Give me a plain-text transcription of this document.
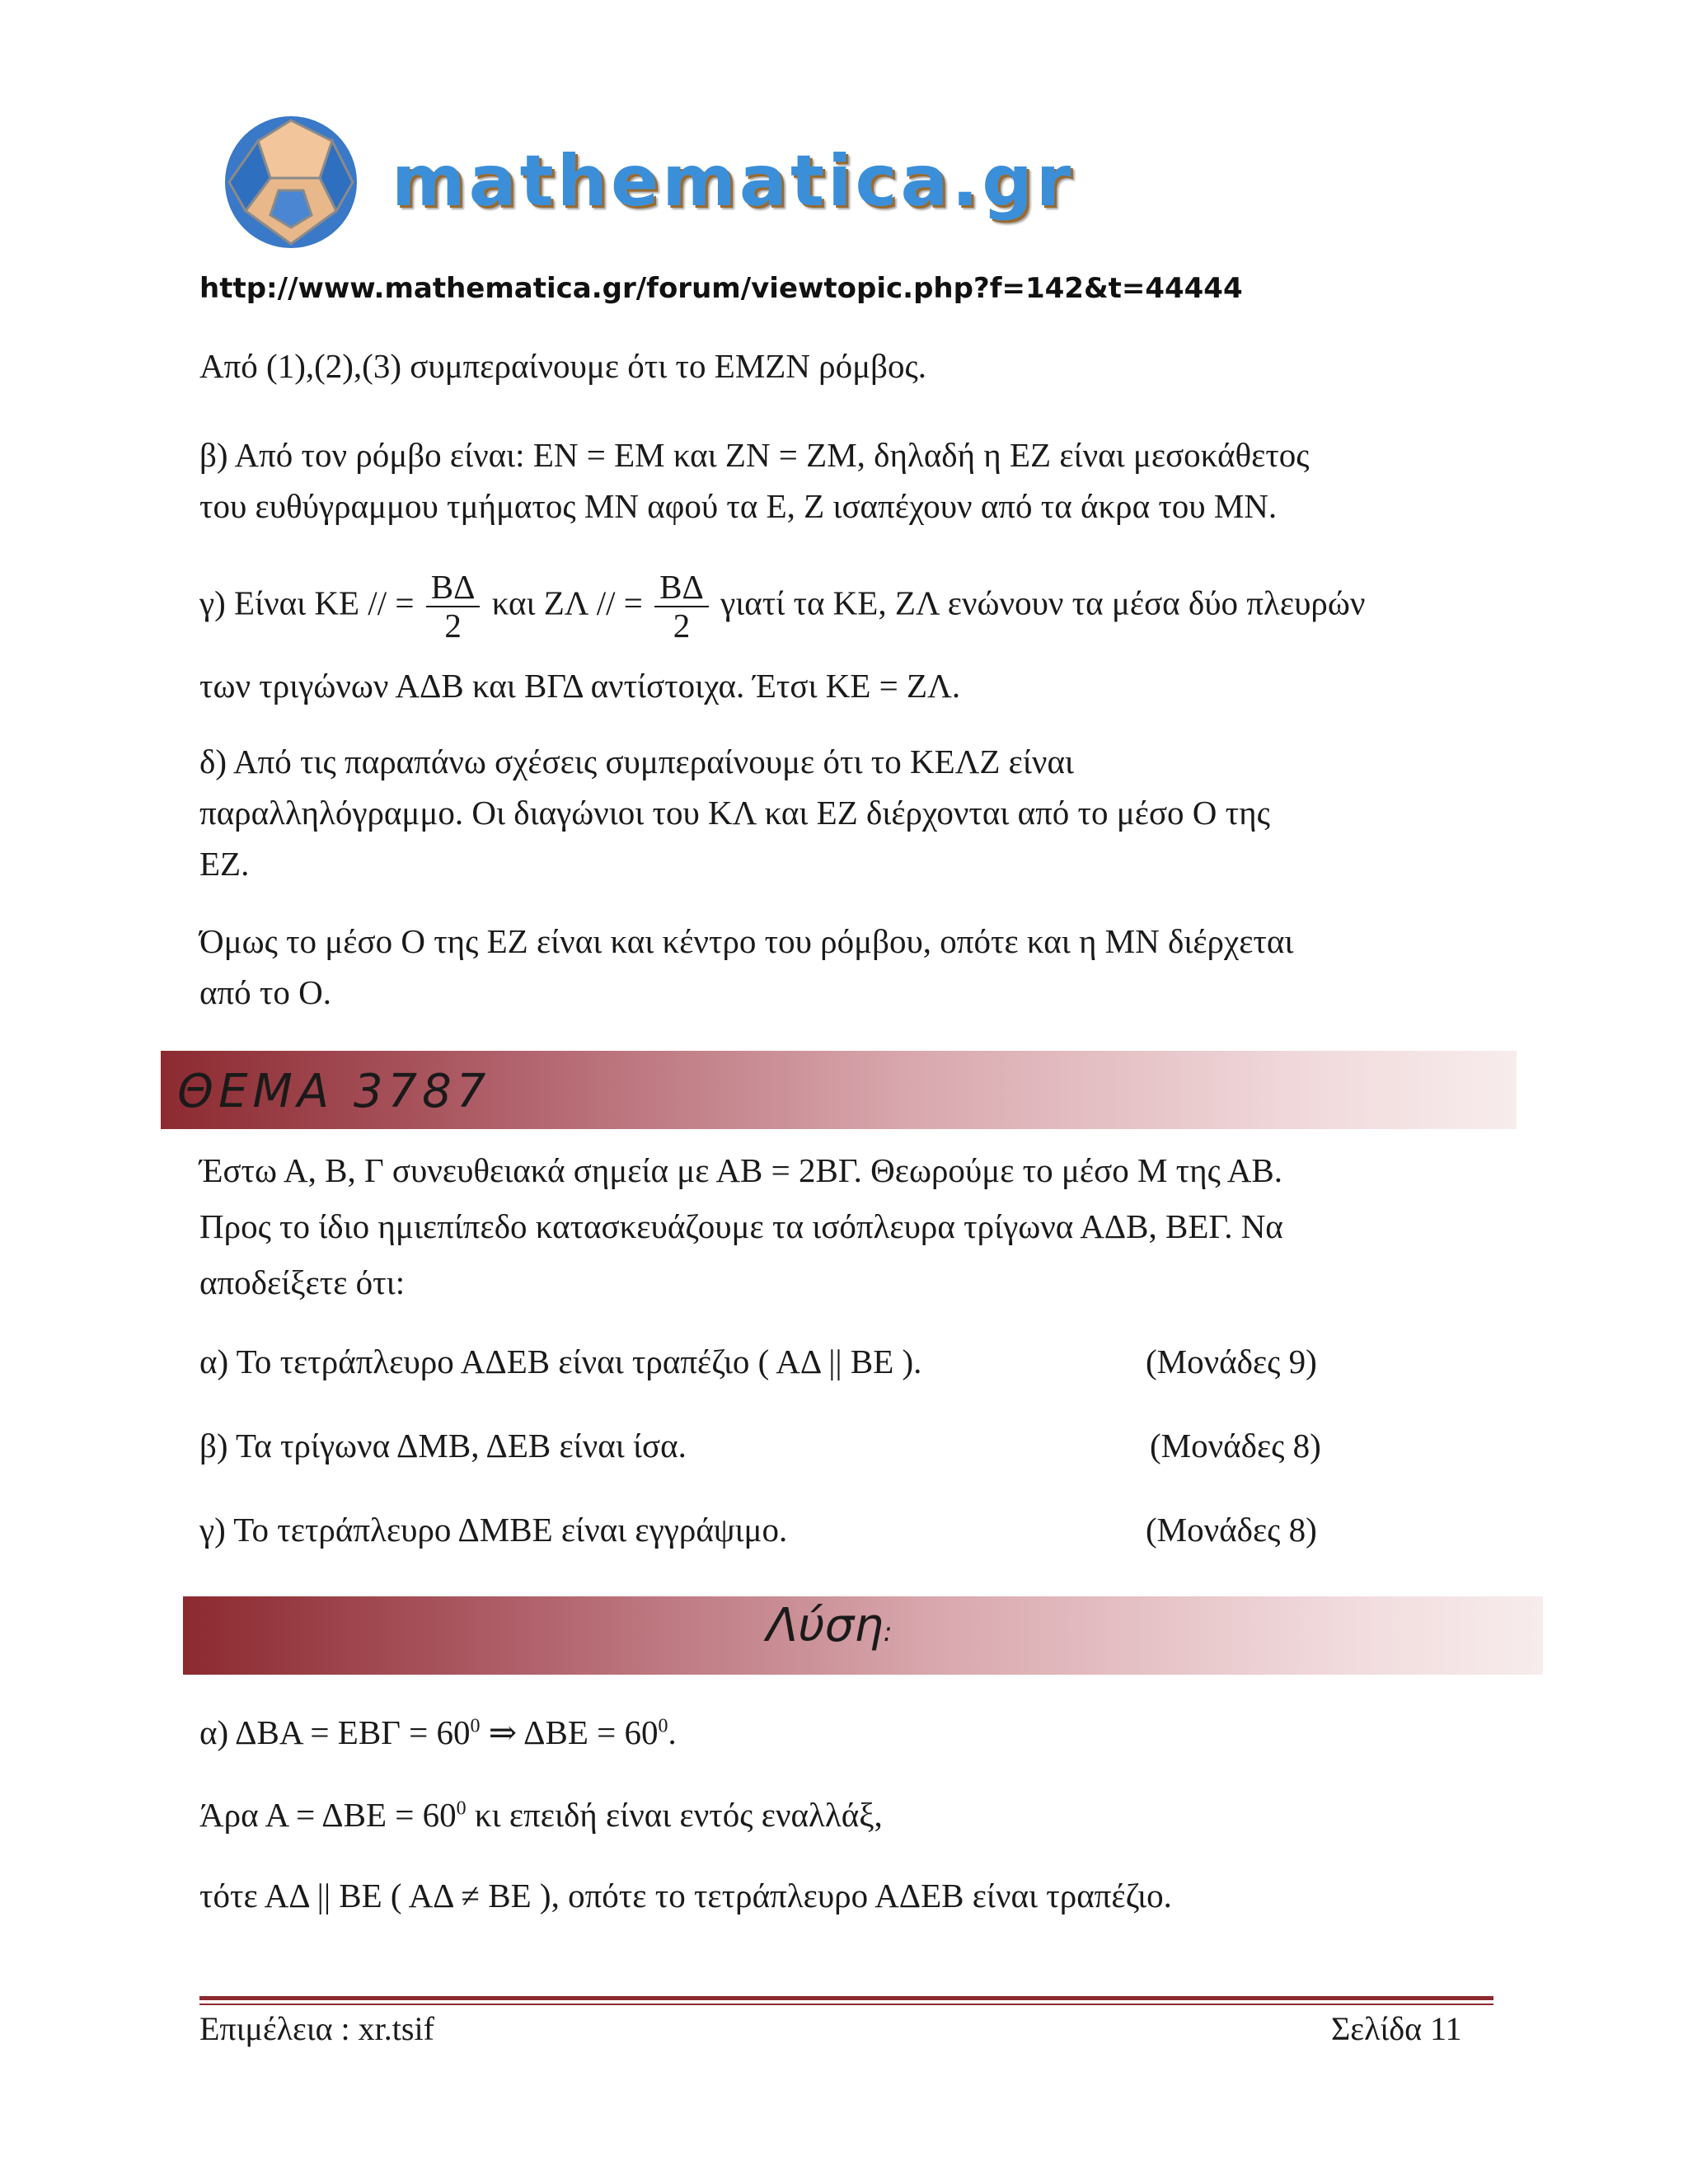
mathematica.gr
http://www.mathematica.gr/forum/viewtopic.php?f=142&t=44444
Από (1),(2),(3) συμπεραίνουμε ότι το ΕΜΖΝ ρόμβος.
β) Από τον ρόμβο είναι: ΕΝ = ΕΜ και ΖΝ = ΖΜ, δηλαδή η ΕΖ είναι μεσοκάθετος
του ευθύγραμμου τμήματος ΜΝ αφού τα Ε, Ζ ισαπέχουν από τα άκρα του ΜΝ.
γ) Είναι ΚΕ // = $\frac{B\Delta}{2}$ και ΖΛ // = $\frac{B\Delta}{2}$ γιατί τα ΚΕ, ΖΛ ενώνουν τα μέσα δύο πλευρών
των τριγώνων ΑΔΒ και ΒΓΔ αντίστοιχα. Έτσι ΚΕ = ΖΛ.
δ) Από τις παραπάνω σχέσεις συμπεραίνουμε ότι το ΚΕΛΖ είναι
παραλληλόγραμμο. Οι διαγώνιοι του ΚΛ και ΕΖ διέρχονται από το μέσο Ο της
ΕΖ.
Όμως το μέσο Ο της ΕΖ είναι και κέντρο του ρόμβου, οπότε και η ΜΝ διέρχεται
από το Ο.
ΘΕΜΑ 3787
Έστω Α, Β, Γ συνευθειακά σημεία με ΑΒ = 2ΒΓ. Θεωρούμε το μέσο Μ της ΑΒ.
Προς το ίδιο ημιεπίπεδο κατασκευάζουμε τα ισόπλευρα τρίγωνα ΑΔΒ, ΒΕΓ. Να
αποδείξετε ότι:
α) Το τετράπλευρο ΑΔΕΒ είναι τραπέζιο ( ΑΔ || ΒΕ ).	(Μονάδες 9)
β) Τα τρίγωνα ΔΜΒ, ΔΕΒ είναι ίσα.	(Μονάδες 8)
γ) Το τετράπλευρο ΔΜΒΕ είναι εγγράψιμο.	(Μονάδες 8)
Λύση:
α) $\Delta BA = EB\Gamma = 60^0$ ⇒ $\Delta BE = 60^0$.
Άρα $A = \Delta BE = 60^0$ κι επειδή είναι εντός εναλλάξ,
τότε ΑΔ || ΒΕ ( ΑΔ ≠ ΒΕ ), οπότε το τετράπλευρο ΑΔΕΒ είναι τραπέζιο.
Επιμέλεια : xr.tsif	Σελίδα 11
